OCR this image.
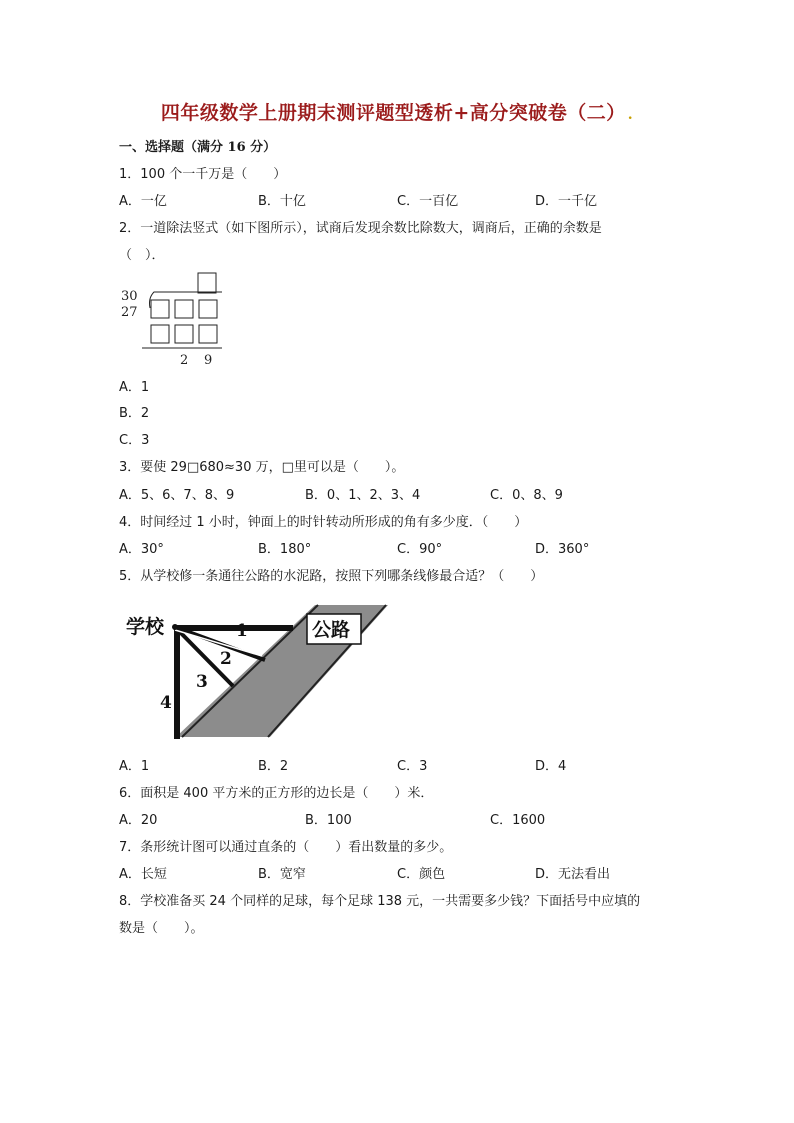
四年级数学上册期末测评题型透析+高分突破卷（二） .
一、选择题（满分 16 分）
1．100 个一千万是（　　）
A．一亿	B．十亿	C．一百亿	D．一千亿
2．一道除法竖式（如下图所示），试商后发现余数比除数大，调商后，正确的余数是
（　）．
30
27
2 9
A．1
B．2
C．3
3．要使 29□680≈30 万，□里可以是（　　）。
A．5、6、7、8、9	B．0、1、2、3、4	C．0、8、9
4．时间经过 1 小时，钟面上的时针转动所形成的角有多少度．（　　）
A．30°	B．180°	C．90°	D．360°
5．从学校修一条通往公路的水泥路，按照下列哪条线修最合适？（　　）
学校	1
2
3
4
公路
A．1	B．2	C．3	D．4
6．面积是 400 平方米的正方形的边长是（　　）米．
A．20	B．100	C．1600
7．条形统计图可以通过直条的（　　）看出数量的多少。
A．长短	B．宽窄	C．颜色	D．无法看出
8．学校准备买 24 个同样的足球，每个足球 138 元，一共需要多少钱？下面括号中应填的
数是（　　）。
